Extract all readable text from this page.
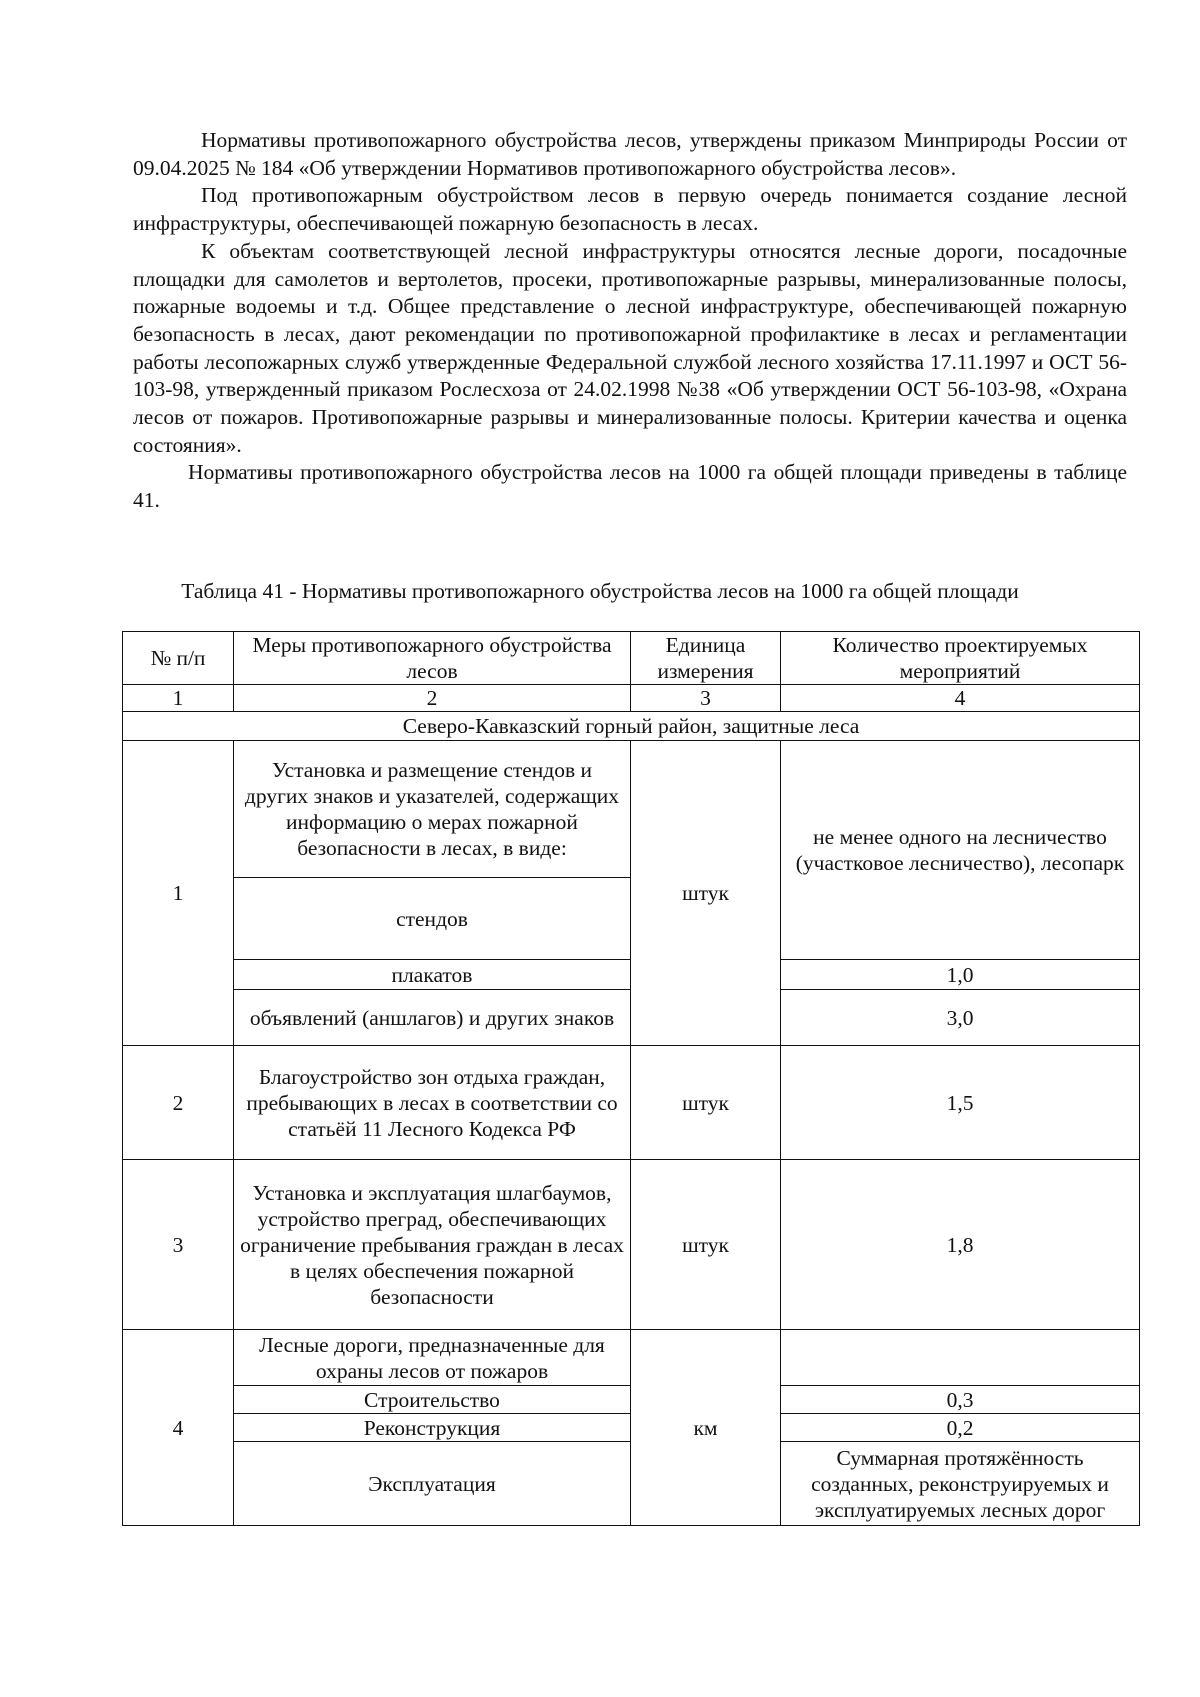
Нормативы противопожарного обустройства лесов, утверждены приказом Минприроды России от 09.04.2025 № 184 «Об утверждении Нормативов противопожарного обустройства лесов».

Под противопожарным обустройством лесов в первую очередь понимается создание лесной инфраструктуры, обеспечивающей пожарную безопасность в лесах.

К объектам соответствующей лесной инфраструктуры относятся лесные дороги, посадочные площадки для самолетов и вертолетов, просеки, противопожарные разрывы, минерализованные полосы, пожарные водоемы и т.д. Общее представление о лесной инфраструктуре, обеспечивающей пожарную безопасность в лесах, дают рекомендации по противопожарной профилактике в лесах и регламентации работы лесопожарных служб утвержденные Федеральной службой лесного хозяйства 17.11.1997 и ОСТ 56-103-98, утвержденный приказом Рослесхоза от 24.02.1998 №38 «Об утверждении ОСТ 56-103-98, «Охрана лесов от пожаров. Противопожарные разрывы и минерализованные полосы. Критерии качества и оценка состояния».

Нормативы противопожарного обустройства лесов на 1000 га общей площади приведены в таблице 41.

Таблица 41 - Нормативы противопожарного обустройства лесов на 1000 га общей площади

№ п/п	Меры противопожарного обустройства лесов	Единица измерения	Количество проектируемых мероприятий
1	2	3	4
Северо-Кавказский горный район, защитные леса			
1	Установка и размещение стендов и других знаков и указателей, содержащих информацию о мерах пожарной безопасности в лесах, в виде:	штук	не менее одного на лесничество (участковое лесничество), лесопарк
	стендов		
	плакатов		1,0
	объявлений (аншлагов) и других знаков		3,0
2	Благоустройство зон отдыха граждан, пребывающих в лесах в соответствии со статьёй 11 Лесного Кодекса РФ	штук	1,5
3	Установка и эксплуатация шлагбаумов, устройство преград, обеспечивающих ограничение пребывания граждан в лесах в целях обеспечения пожарной безопасности	штук	1,8
4	Лесные дороги, предназначенные для охраны лесов от пожаров	км	
	Строительство		0,3
	Реконструкция		0,2
	Эксплуатация		Суммарная протяжённость созданных, реконструируемых и эксплуатируемых лесных дорог
